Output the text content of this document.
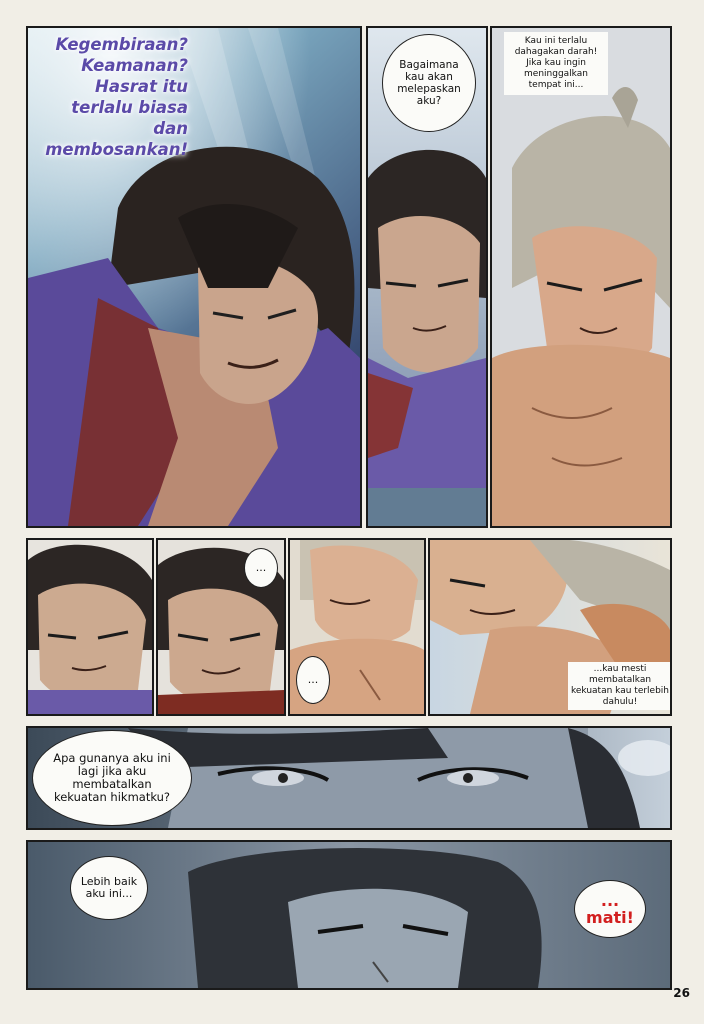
Kegembiraan? Keamanan? Hasrat itu terlalu biasa dan membosankan!
Bagaimana kau akan melepaskan aku?
Kau ini terlalu dahagakan darah! Jika kau ingin meninggalkan tempat ini...
...
...
...kau mesti membatalkan kekuatan kau terlebih dahulu!
Apa gunanya aku ini lagi jika aku membatalkan kekuatan hikmatku?
Lebih baik aku ini...	... mati!
26
